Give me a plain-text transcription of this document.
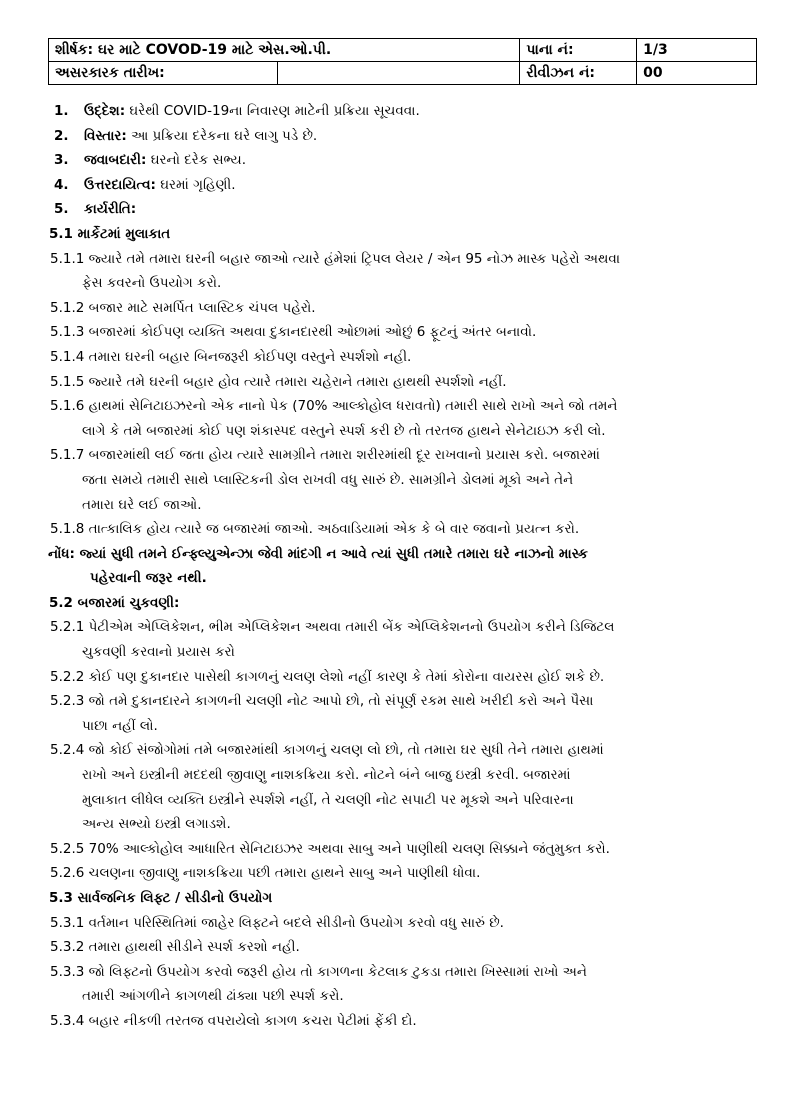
શીર્ષક: ઘર માટે COVOD-19 માટે એસ.ઓ.પી.		પાના નં:	1/3
અસરકારક તારીખ:		રીવીઝન નં:	00
1. ઉદ્દેશ: ઘરેથી COVID-19ના નિવારણ માટેની પ્રક્રિયા સૂચવવા.
2. વિસ્તાર: આ પ્રક્રિયા દરેકના ઘરે લાગુ પડે છે.
3. જવાબદારી: ઘરનો દરેક સભ્ય.
4. ઉત્તરદાયિત્વ: ઘરમાં ગૃહિણી.
5. કાર્યરીતિ:
5.1 માર્કેટમાં મુલાકાત
5.1.1 જ્યારે તમે તમારા ઘરની બહાર જાઓ ત્યારે હંમેશાં ટ્રિપલ લેયર / એન 95 નોઝ માસ્ક પહેરો અથવા
ફેસ કવરનો ઉપયોગ કરો.
5.1.2 બજાર માટે સમર્પિત પ્લાસ્ટિક ચંપલ પહેરો.
5.1.3 બજારમાં કોઈપણ વ્યક્તિ અથવા દુકાનદારથી ઓછામાં ઓછું 6 ફૂટનું અંતર બનાવો.
5.1.4 તમારા ઘરની બહાર બિનજરૂરી કોઈપણ વસ્તુને સ્પર્શશો નહી.
5.1.5 જ્યારે તમે ઘરની બહાર હોવ ત્યારે તમારા ચહેરાને તમારા હાથથી સ્પર્શશો નહીં.
5.1.6 હાથમાં સેનિટાઇઝરનો એક નાનો પેક (70% આલ્કોહોલ ધરાવતો) તમારી સાથે રાખો અને જો તમને
લાગે કે તમે બજારમાં કોઈ પણ શંકાસ્પદ વસ્તુને સ્પર્શ કરી છે તો તરતજ હાથને સેનેટાઇઝ કરી લો.
5.1.7 બજારમાંથી લઈ જતા હોય ત્યારે સામગ્રીને તમારા શરીરમાંથી દૂર રાખવાનો પ્રયાસ કરો. બજારમાં
જતા સમયે તમારી સાથે પ્લાસ્ટિકની ડોલ રાખવી વધુ સારું છે. સામગ્રીને ડોલમાં મૂકો અને તેને
તમારા ઘરે લઈ જાઓ.
5.1.8 તાત્કાલિક હોય ત્યારે જ બજારમાં જાઓ. અઠવાડિયામાં એક કે બે વાર જવાનો પ્રયત્ન કરો.
નોંધ: જ્યાં સુધી તમને ઈન્ફ્લ્યુએન્ઝા જેવી માંદગી ન આવે ત્યાં સુધી તમારે તમારા ઘરે નાઝનો માસ્ક
પહેરવાની જરૂર નથી.
5.2 બજારમાં ચુકવણી:
5.2.1 પેટીએમ એપ્લિકેશન, ભીમ એપ્લિકેશન અથવા તમારી બેંક એપ્લિકેશનનો ઉપયોગ કરીને ડિજિટલ
ચુકવણી કરવાનો પ્રયાસ કરો
5.2.2 કોઈ પણ દુકાનદાર પાસેથી કાગળનું ચલણ લેશો નહીં કારણ કે તેમાં કોરોના વાયરસ હોઈ શકે છે.
5.2.3 જો તમે દુકાનદારને કાગળની ચલણી નોટ આપો છો, તો સંપૂર્ણ રકમ સાથે ખરીદી કરો અને પૈસા
પાછા નહીં લો.
5.2.4 જો કોઈ સંજોગોમાં તમે બજારમાંથી કાગળનું ચલણ લો છો, તો તમારા ઘર સુધી તેને તમારા હાથમાં
રાખો અને ઇસ્ત્રીની મદદથી જીવાણુ નાશકક્રિયા કરો. નોટને બંને બાજુ ઇસ્ત્રી કરવી. બજારમાં
મુલાકાત લીધેલ વ્યક્તિ ઇસ્ત્રીને સ્પર્શશે નહીં, તે ચલણી નોટ સપાટી પર મૂકશે અને પરિવારના
અન્ય સભ્યો ઇસ્ત્રી લગાડશે.
5.2.5 70% આલ્કોહોલ આધારિત સેનિટાઇઝર અથવા સાબુ અને પાણીથી ચલણ સિક્કાને જંતુમુક્ત કરો.
5.2.6 ચલણના જીવાણુ નાશકક્રિયા પછી તમારા હાથને સાબુ અને પાણીથી ધોવા.
5.3 સાર્વજનિક લિફ્ટ / સીડીનો ઉપયોગ
5.3.1 વર્તમાન પરિસ્થિતિમાં જાહેર લિફ્ટને બદલે સીડીનો ઉપયોગ કરવો વધુ સારું છે.
5.3.2 તમારા હાથથી સીડીને સ્પર્શ કરશો નહી.
5.3.3 જો લિફ્ટનો ઉપયોગ કરવો જરૂરી હોય તો કાગળના કેટલાક ટુકડા તમારા ખિસ્સામાં રાખો અને
તમારી આંગળીને કાગળથી ઢાંક્યા પછી સ્પર્શ કરો.
5.3.4 બહાર નીકળી તરતજ વપરાયેલો કાગળ કચરા પેટીમાં ફેંકી દો.
